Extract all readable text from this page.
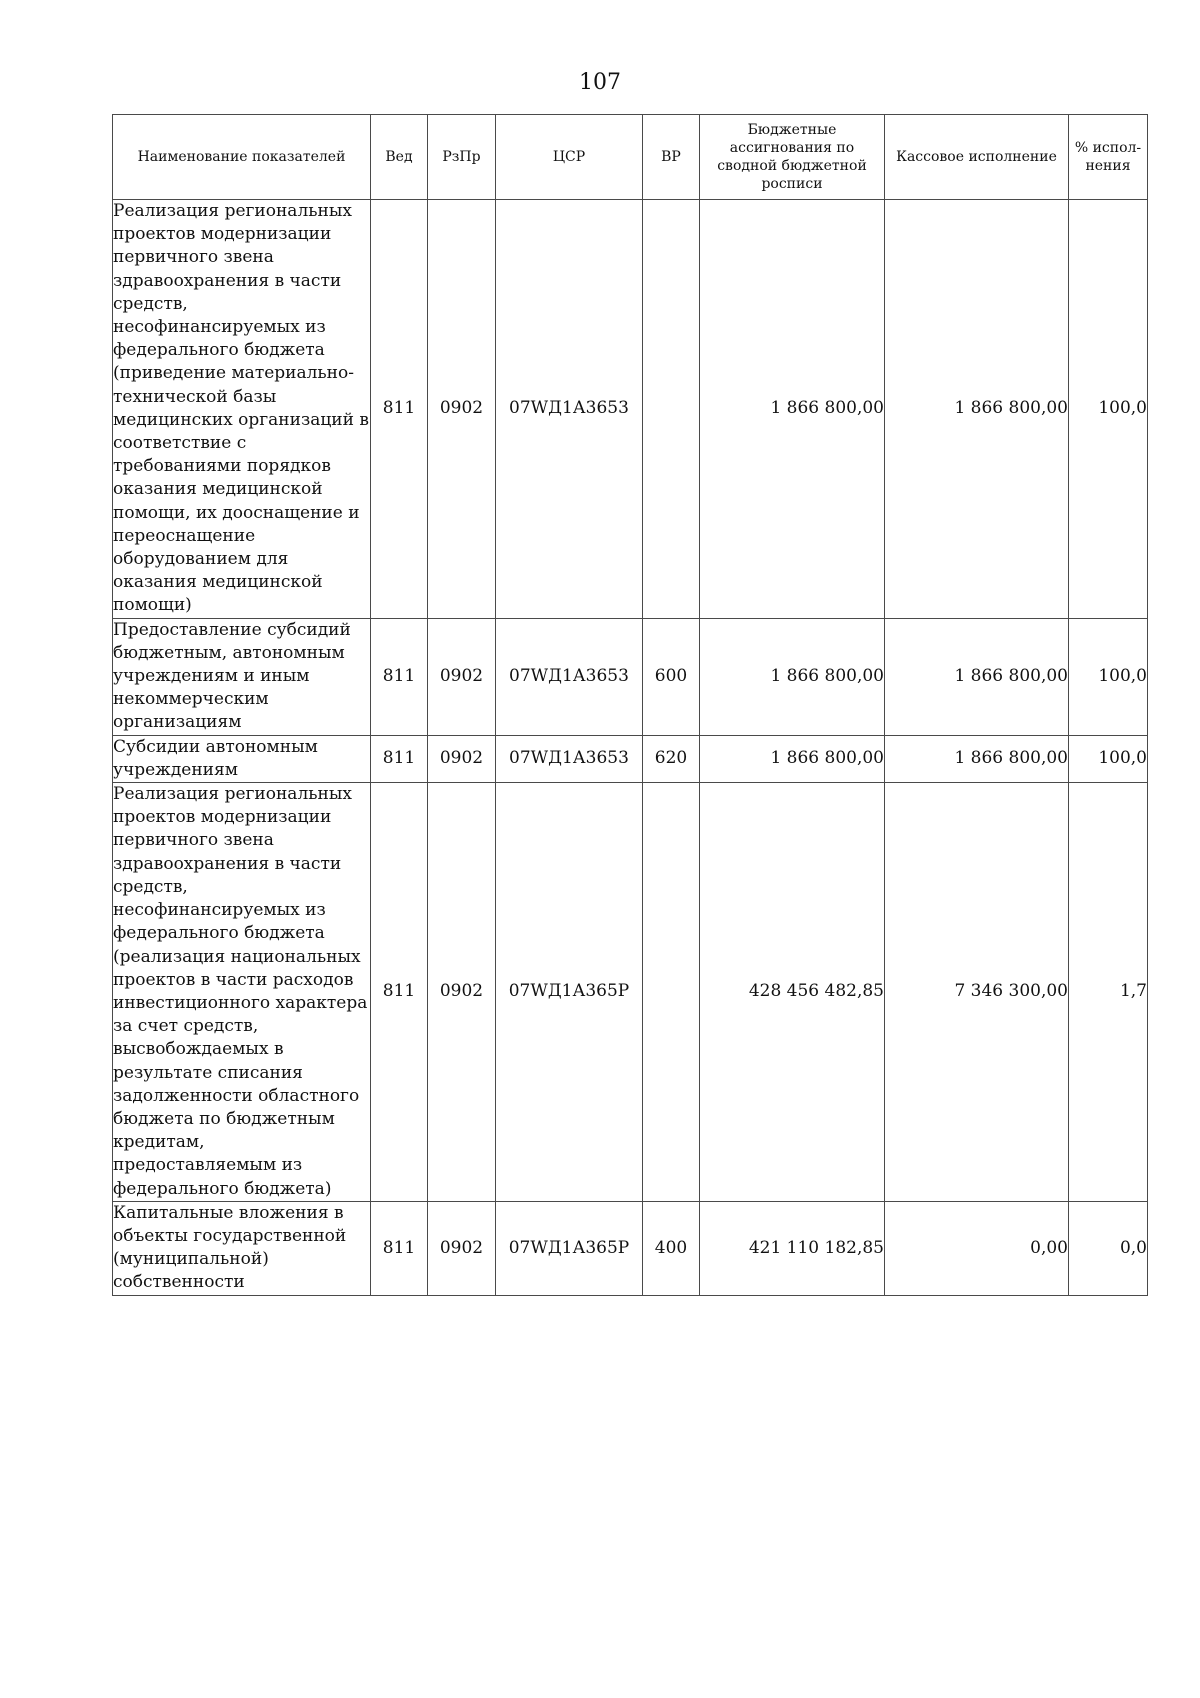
107
Наименование показателей	Вед	РзПр	ЦСР	ВР	Бюджетные ассигнования по сводной бюджетной росписи	Кассовое исполнение	% испол-нения
Реализация региональных проектов модернизации первичного звена здравоохранения в части средств, несофинансируемых из федерального бюджета (приведение материально-технической базы медицинских организаций в соответствие с требованиями порядков оказания медицинской помощи, их дооснащение и переоснащение оборудованием для оказания медицинской помощи)	811	0902	07WД1А3653		1 866 800,00	1 866 800,00	100,0
Предоставление субсидий бюджетным, автономным учреждениям и иным некоммерческим организациям	811	0902	07WД1А3653	600	1 866 800,00	1 866 800,00	100,0
Субсидии автономным учреждениям	811	0902	07WД1А3653	620	1 866 800,00	1 866 800,00	100,0
Реализация региональных проектов модернизации первичного звена здравоохранения в части средств, несофинансируемых из федерального бюджета (реализация национальных проектов в части расходов инвестиционного характера за счет средств, высвобождаемых в результате списания задолженности областного бюджета по бюджетным кредитам, предоставляемым из федерального бюджета)	811	0902	07WД1А365Р		428 456 482,85	7 346 300,00	1,7
Капитальные вложения в объекты государственной (муниципальной) собственности	811	0902	07WД1А365Р	400	421 110 182,85	0,00	0,0
